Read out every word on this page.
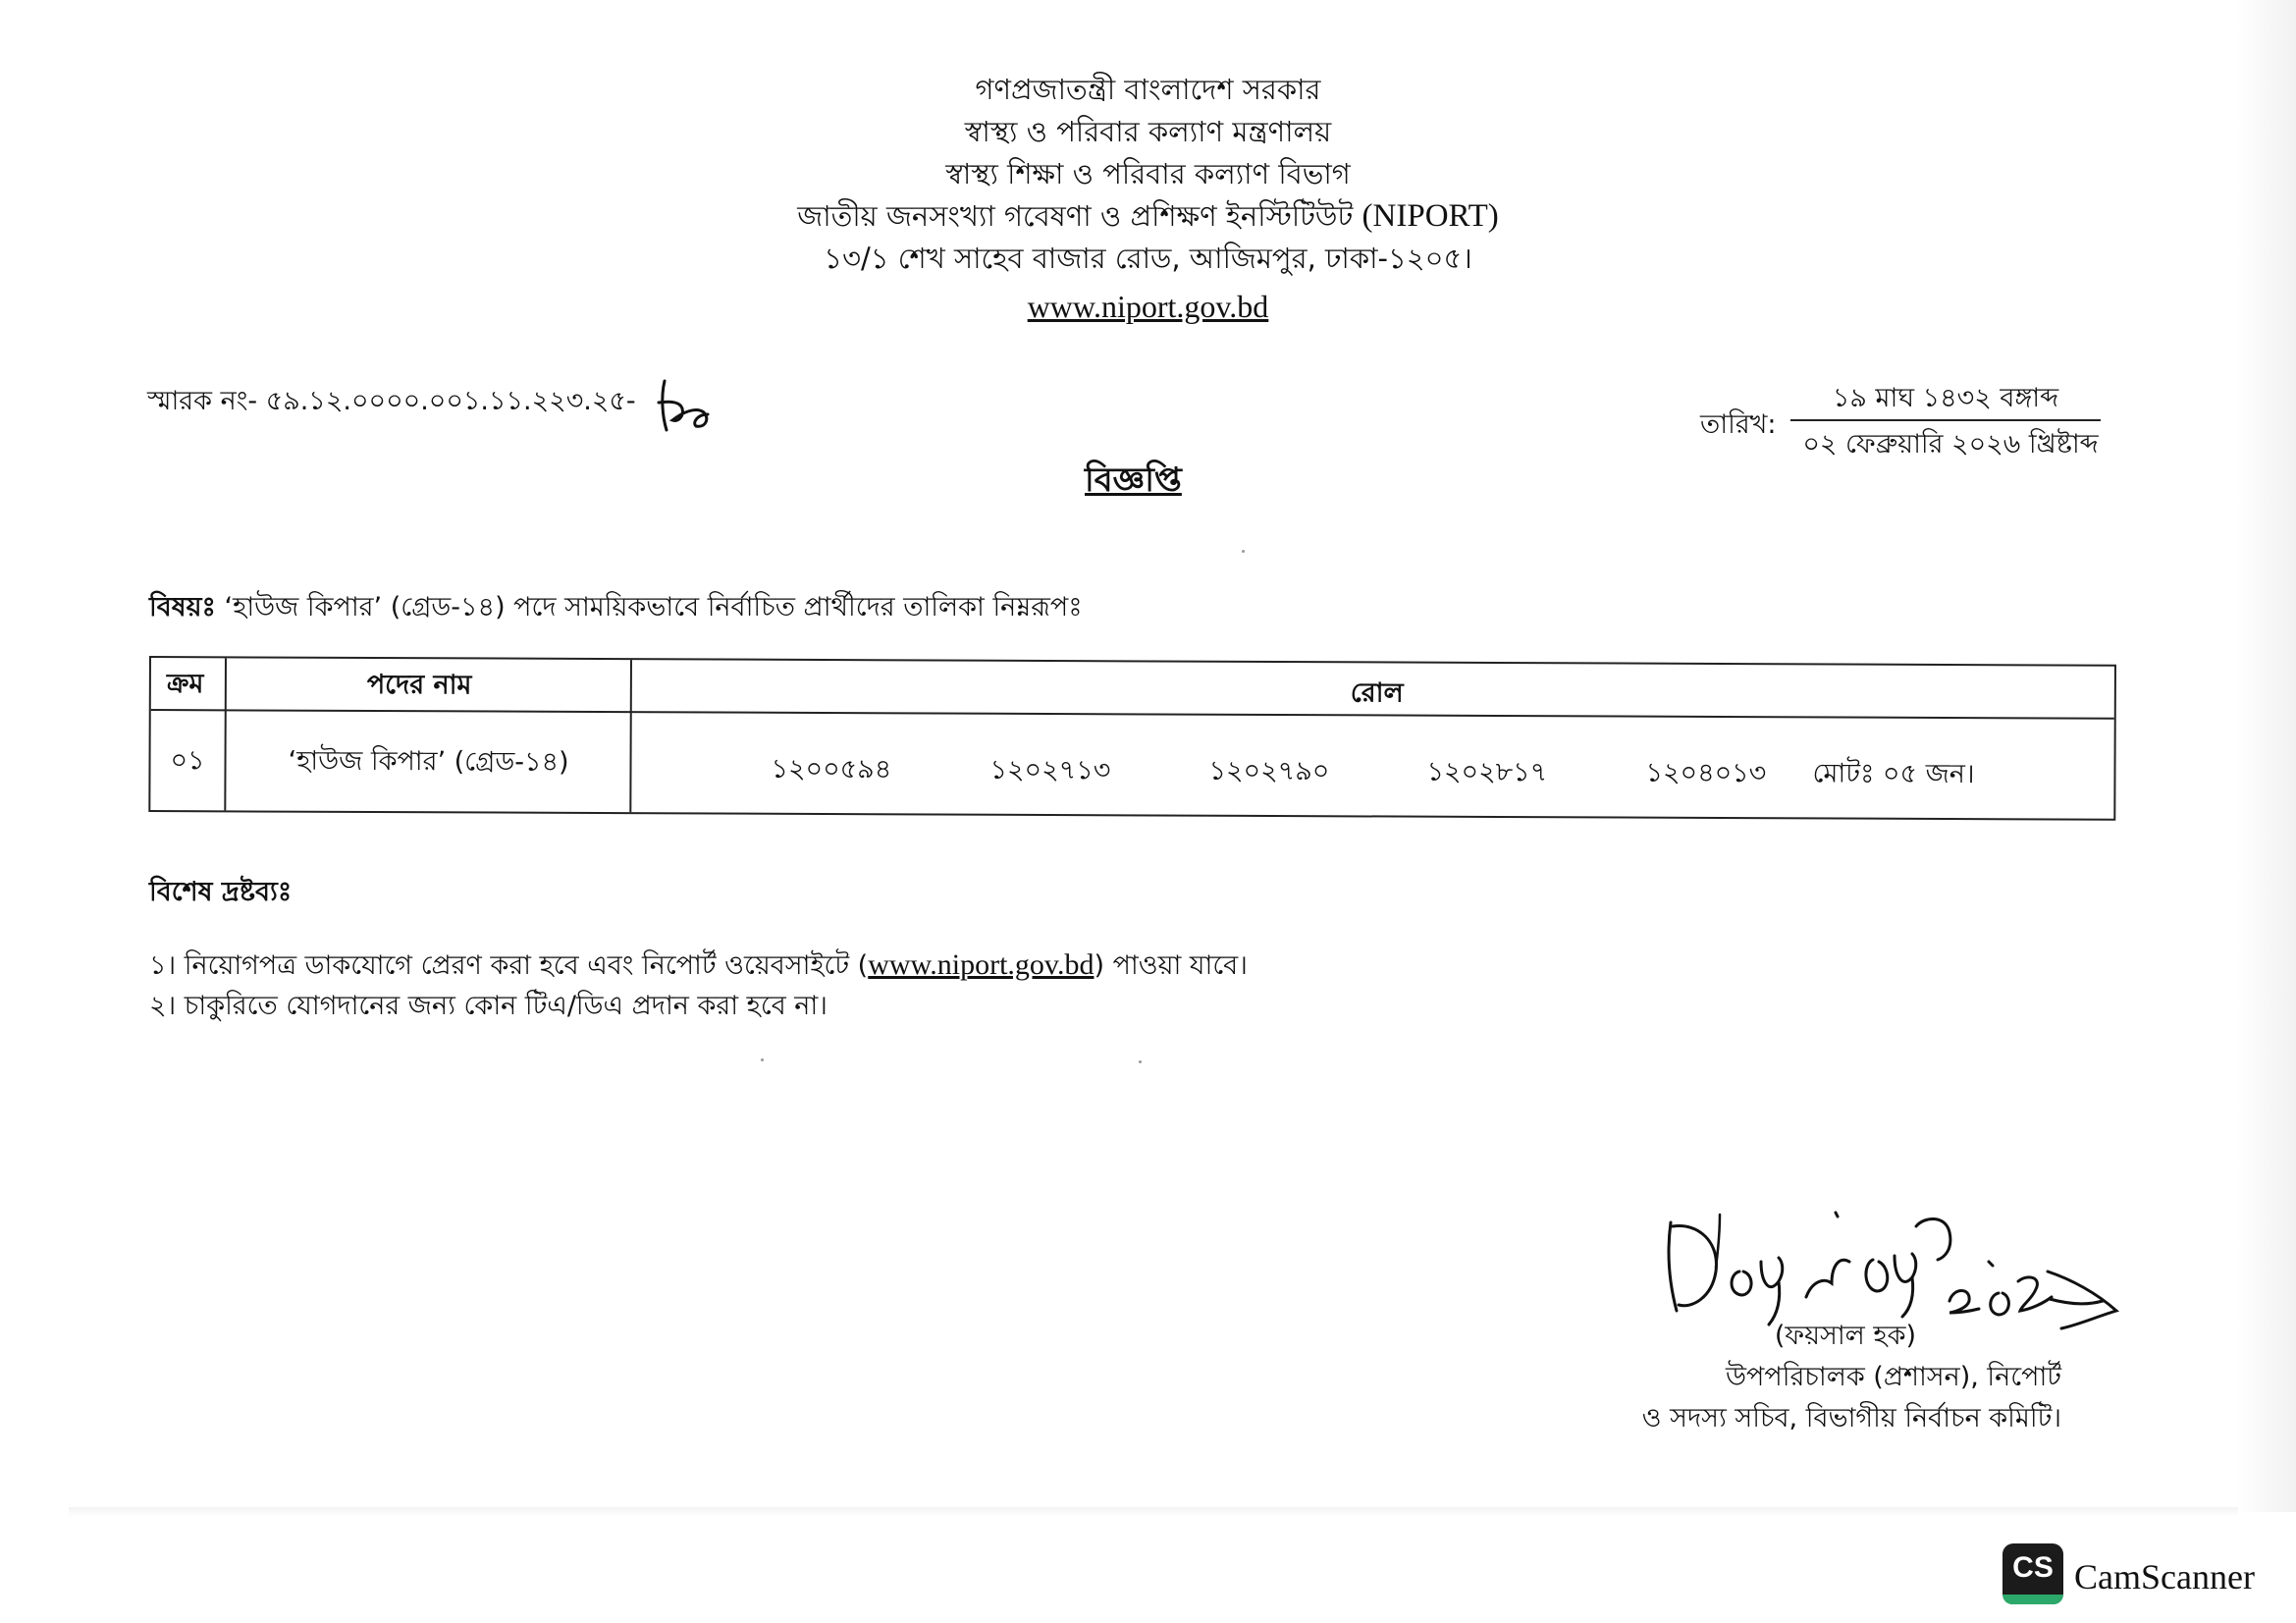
গণপ্রজাতন্ত্রী বাংলাদেশ সরকার
স্বাস্থ্য ও পরিবার কল্যাণ মন্ত্রণালয়
স্বাস্থ্য শিক্ষা ও পরিবার কল্যাণ বিভাগ
জাতীয় জনসংখ্যা গবেষণা ও প্রশিক্ষণ ইনস্টিটিউট (NIPORT)
১৩/১ শেখ সাহেব বাজার রোড, আজিমপুর, ঢাকা-১২০৫।
www.niport.gov.bd
স্মারক নং- ৫৯.১২.০০০০.০০১.১১.২২৩.২৫-
তারিখ:
১৯ মাঘ ১৪৩২ বঙ্গাব্দ
০২ ফেব্রুয়ারি ২০২৬ খ্রিষ্টাব্দ
বিজ্ঞপ্তি
বিষয়ঃ ‘হাউজ কিপার’ (গ্রেড-১৪) পদে সাময়িকভাবে নির্বাচিত প্রার্থীদের তালিকা নিম্নরূপঃ
ক্রম	পদের নাম	রোল
০১	‘হাউজ কিপার’ (গ্রেড-১৪)	১২০০৫৯৪	১২০২৭১৩	১২০২৭৯০	১২০২৮১৭	১২০৪০১৩ মোটঃ ০৫ জন।
বিশেষ দ্রষ্টব্যঃ
১। নিয়োগপত্র ডাকযোগে প্রেরণ করা হবে এবং নিপোর্ট ওয়েবসাইটে (www.niport.gov.bd) পাওয়া যাবে।
২। চাকুরিতে যোগদানের জন্য কোন টিএ/ডিএ প্রদান করা হবে না।
(ফয়সাল হক)
উপপরিচালক (প্রশাসন), নিপোর্ট
ও সদস্য সচিব, বিভাগীয় নির্বাচন কমিটি।
CS CamScanner
